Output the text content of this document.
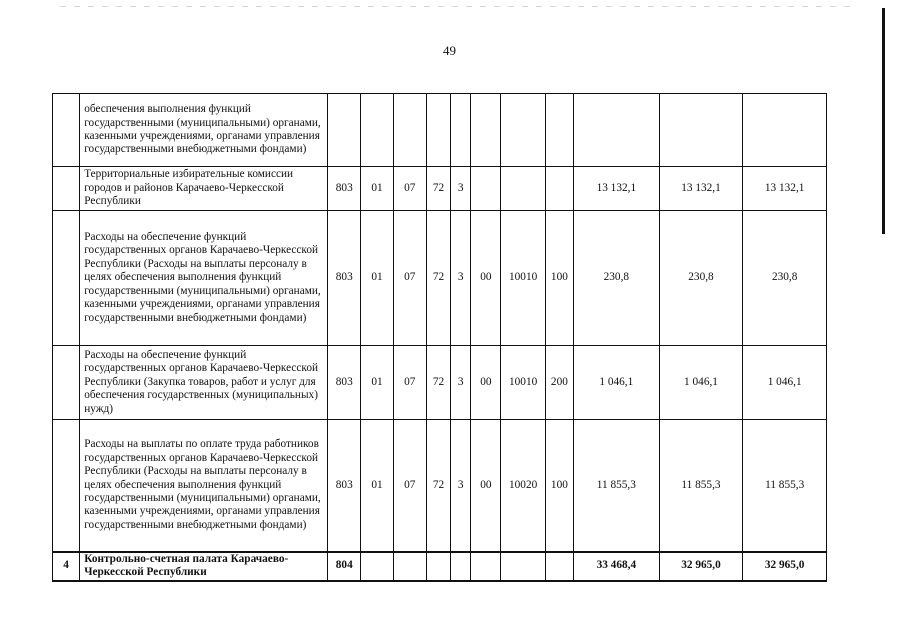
49
	обеспечения выполнения функций государственными (муниципальными) органами, казенными учреждениями, органами управления государственными внебюджетными фондами)											
	Территориальные избирательные комиссии городов и районов Карачаево-Черкесской Республики	803	01	07	72	3				13 132,1	13 132,1	13 132,1
	Расходы на обеспечение функций государственных органов Карачаево-Черкесской Республики (Расходы на выплаты персоналу в целях обеспечения выполнения функций государственными (муниципальными) органами, казенными учреждениями, органами управления государственными внебюджетными фондами)	803	01	07	72	3	00	10010	100	230,8	230,8	230,8
	Расходы на обеспечение функций государственных органов Карачаево-Черкесской Республики (Закупка товаров, работ и услуг для обеспечения государственных (муниципальных) нужд)	803	01	07	72	3	00	10010	200	1 046,1	1 046,1	1 046,1
	Расходы на выплаты по оплате труда работников государственных органов Карачаево-Черкесской Республики (Расходы на выплаты персоналу в целях обеспечения выполнения функций государственными (муниципальными) органами, казенными учреждениями, органами управления государственными внебюджетными фондами)	803	01	07	72	3	00	10020	100	11 855,3	11 855,3	11 855,3
4	Контрольно-счетная палата Карачаево-Черкесской Республики	804								33 468,4	32 965,0	32 965,0
